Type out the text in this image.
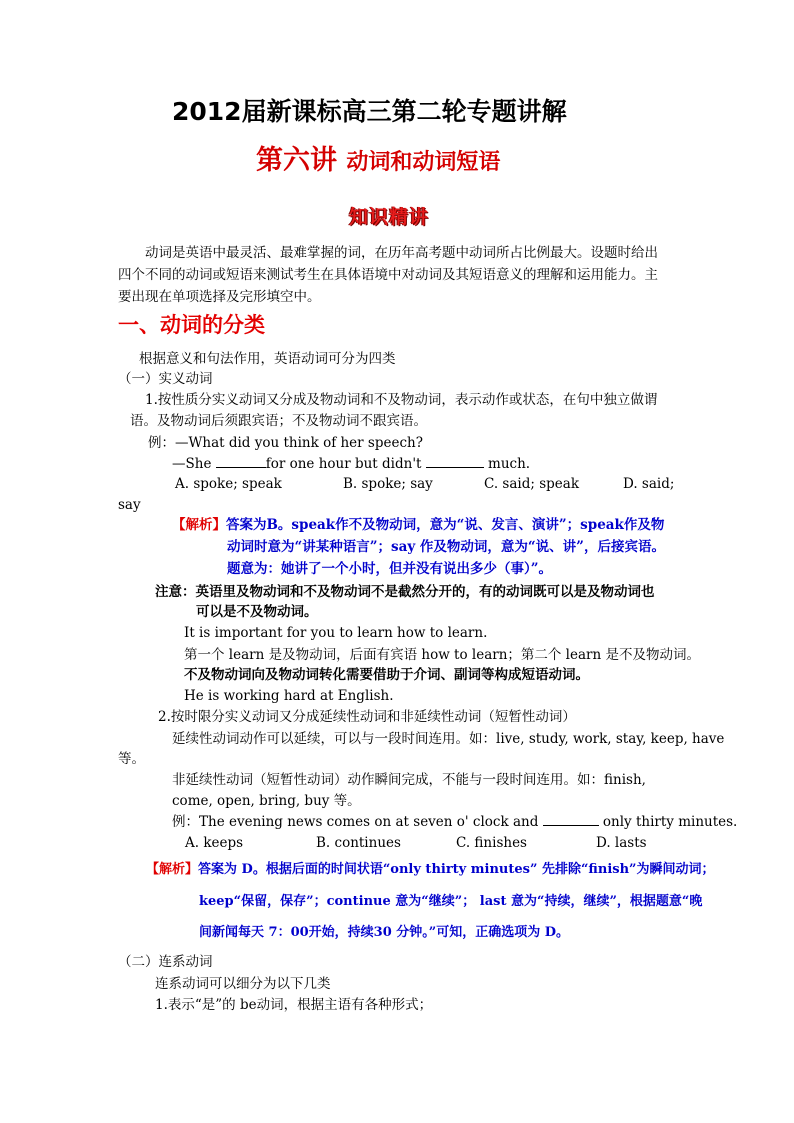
2012届新课标高三第二轮专题讲解
第六讲 动词和动词短语
知识精讲
动词是英语中最灵活、最难掌握的词，在历年高考题中动词所占比例最大。设题时给出
四个不同的动词或短语来测试考生在具体语境中对动词及其短语意义的理解和运用能力。主
要出现在单项选择及完形填空中。
一、动词的分类
根据意义和句法作用，英语动词可分为四类
（一）实义动词
1.按性质分实义动词又分成及物动词和不及物动词，表示动作或状态，在句中独立做谓
语。及物动词后须跟宾语；不及物动词不跟宾语。
例：—What did you think of her speech?
—She	for one hour but didn't	much.
A. spoke; speak	B. spoke; say	C. said; speak	D. said;
say
【解析】答案为B。speak作不及物动词，意为“说、发言、演讲”；speak作及物
动词时意为“讲某种语言”；say 作及物动词，意为“说、讲”，后接宾语。
题意为：她讲了一个小时，但并没有说出多少（事）”。
注意：英语里及物动词和不及物动词不是截然分开的，有的动词既可以是及物动词也
可以是不及物动词。
It is important for you to learn how to learn.
第一个 learn 是及物动词，后面有宾语 how to learn；第二个 learn 是不及物动词。
不及物动词向及物动词转化需要借助于介词、副词等构成短语动词。
He is working hard at English.
2.按时限分实义动词又分成延续性动词和非延续性动词（短暂性动词）
延续性动词动作可以延续，可以与一段时间连用。如：live, study, work, stay, keep, have
等。
非延续性动词（短暂性动词）动作瞬间完成，不能与一段时间连用。如：finish,
come, open, bring, buy 等。
例：The evening news comes on at seven o' clock and	only thirty minutes.
A. keeps	B. continues	C. finishes	D. lasts
【解析】答案为 D。根据后面的时间状语“only thirty minutes” 先排除“finish”为瞬间动词；
keep“保留，保存”；continue 意为“继续”； last 意为“持续，继续”，根据题意“晚
间新闻每天 7：00开始，持续30 分钟。”可知，正确选项为 D。
（二）连系动词
连系动词可以细分为以下几类
1.表示“是”的 be动词，根据主语有各种形式；
